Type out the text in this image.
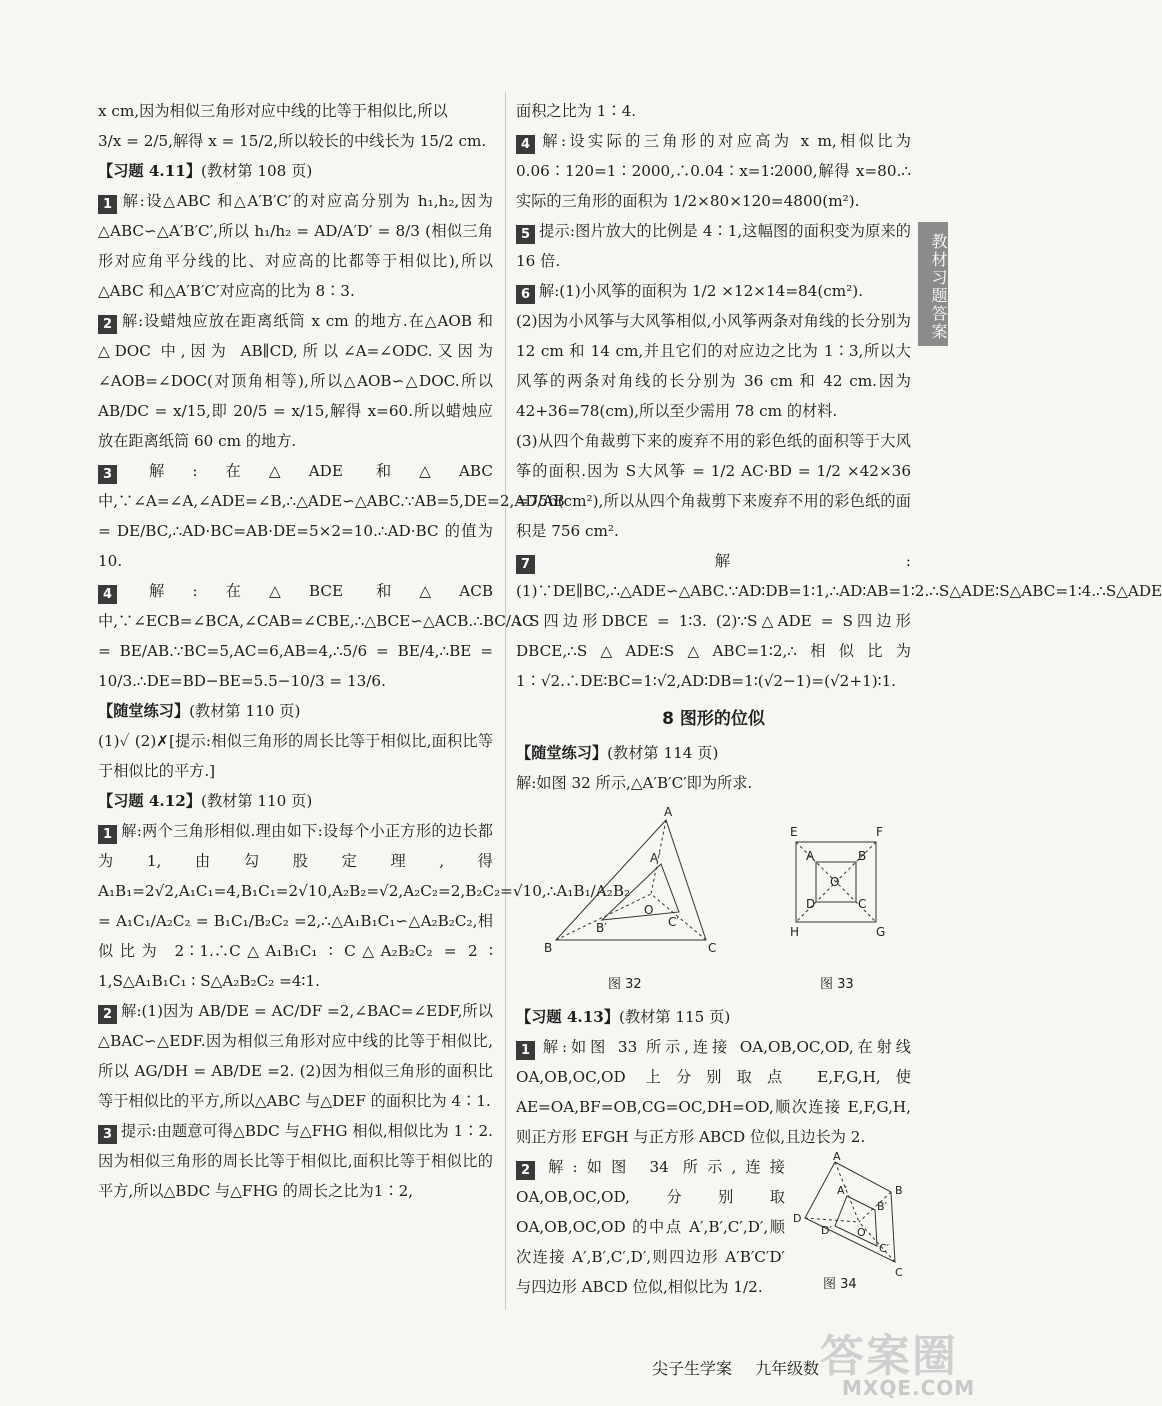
教材习题答案

x cm,因为相似三角形对应中线的比等于相似比,所以

3/x = 2/5,解得 x = 15/2,所以较长的中线长为 15/2 cm.

【习题 4.11】(教材第 108 页)

1 解:设△ABC 和△A′B′C′的对应高分别为 h₁,h₂,因为△ABC∽△A′B′C′,所以 h₁/h₂ = AD/A′D′ = 8/3 (相似三角形对应角平分线的比、对应高的比都等于相似比),所以△ABC 和△A′B′C′对应高的比为 8∶3.

2 解:设蜡烛应放在距离纸筒 x cm 的地方.在△AOB 和△DOC 中,因为 AB∥CD,所以∠A=∠ODC.又因为∠AOB=∠DOC(对顶角相等),所以△AOB∽△DOC.所以 AB/DC = x/15,即 20/5 = x/15,解得 x=60.所以蜡烛应放在距离纸筒 60 cm 的地方.

3 解:在△ADE 和△ABC 中,∵∠A=∠A,∠ADE=∠B,∴△ADE∽△ABC.∵AB=5,DE=2,AD/AB = DE/BC,∴AD·BC=AB·DE=5×2=10.∴AD·BC 的值为 10.

4 解:在△BCE 和△ACB 中,∵∠ECB=∠BCA,∠CAB=∠CBE,∴△BCE∽△ACB.∴BC/AC = BE/AB.∵BC=5,AC=6,AB=4,∴5/6 = BE/4,∴BE = 10/3.∴DE=BD−BE=5.5−10/3 = 13/6.

【随堂练习】(教材第 110 页)

(1)✓ (2)✗[提示:相似三角形的周长比等于相似比,面积比等于相似比的平方.]

【习题 4.12】(教材第 110 页)

1 解:两个三角形相似.理由如下:设每个小正方形的边长都为1,由勾股定理,得 A₁B₁=2√2,A₁C₁=4,B₁C₁=2√10,A₂B₂=√2,A₂C₂=2,B₂C₂=√10,∴A₁B₁/A₂B₂ = A₁C₁/A₂C₂ = B₁C₁/B₂C₂ =2,∴△A₁B₁C₁∽△A₂B₂C₂,相似比为 2∶1.∴C△A₁B₁C₁ ∶ C△A₂B₂C₂ = 2 ∶ 1,S△A₁B₁C₁ ∶ S△A₂B₂C₂ =4∶1.

2 解:(1)因为 AB/DE = AC/DF =2,∠BAC=∠EDF,所以△BAC∽△EDF.因为相似三角形对应中线的比等于相似比,所以 AG/DH = AB/DE =2. (2)因为相似三角形的面积比等于相似比的平方,所以△ABC 与△DEF 的面积比为 4∶1.

3 提示:由题意可得△BDC 与△FHG 相似,相似比为 1∶2.因为相似三角形的周长比等于相似比,面积比等于相似比的平方,所以△BDC 与△FHG 的周长之比为1∶2,

面积之比为 1∶4.

4 解:设实际的三角形的对应高为 x m,相似比为 0.06∶120=1∶2000,∴0.04∶x=1∶2000,解得 x=80.∴实际的三角形的面积为 1/2×80×120=4800(m²).

5 提示:图片放大的比例是 4∶1,这幅图的面积变为原来的 16 倍.

6 解:(1)小风筝的面积为 1/2 ×12×14=84(cm²).

(2)因为小风筝与大风筝相似,小风筝两条对角线的长分别为 12 cm 和 14 cm,并且它们的对应边之比为 1∶3,所以大风筝的两条对角线的长分别为 36 cm 和 42 cm.因为 42+36=78(cm),所以至少需用 78 cm 的材料.

(3)从四个角裁剪下来的废弃不用的彩色纸的面积等于大风筝的面积.因为 S大风筝 = 1/2 AC·BD = 1/2 ×42×36 =756(cm²),所以从四个角裁剪下来废弃不用的彩色纸的面积是 756 cm².

7 解:(1)∵DE∥BC,∴△ADE∽△ABC.∵AD∶DB=1∶1,∴AD∶AB=1∶2.∴S△ADE∶S△ABC=1∶4.∴S△ADE ∶ S四边形DBCE = 1∶3. (2)∵S△ADE = S四边形DBCE,∴S△ADE∶S△ABC=1∶2,∴相似比为 1∶√2.∴DE∶BC=1∶√2,AD∶DB=1∶(√2−1)=(√2+1)∶1.

8 图形的位似

【随堂练习】(教材第 114 页)

解:如图 32 所示,△A′B′C′即为所求.

A
B	C
A′
B′	C′
O
E	F
G
H
A	B
C
D
O
图 32	图 33

【习题 4.13】(教材第 115 页)

1 解:如图 33 所示,连接 OA,OB,OC,OD,在射线 OA,OB,OC,OD 上分别取点 E,F,G,H,使 AE=OA,BF=OB,CG=OC,DH=OD,顺次连接 E,F,G,H,则正方形 EFGH 与正方形 ABCD 位似,且边长为 2.

A
B
C
D
A′
B′
C′
D′ O
图 34

2 解:如图 34 所示,连接 OA,OB,OC,OD,分别取 OA,OB,OC,OD 的中点 A′,B′,C′,D′,顺次连接 A′,B′,C′,D′,则四边形 A′B′C′D′与四边形 ABCD 位似,相似比为 1/2.

尖子生学案 九年级数 答案圈
MXQE.COM
